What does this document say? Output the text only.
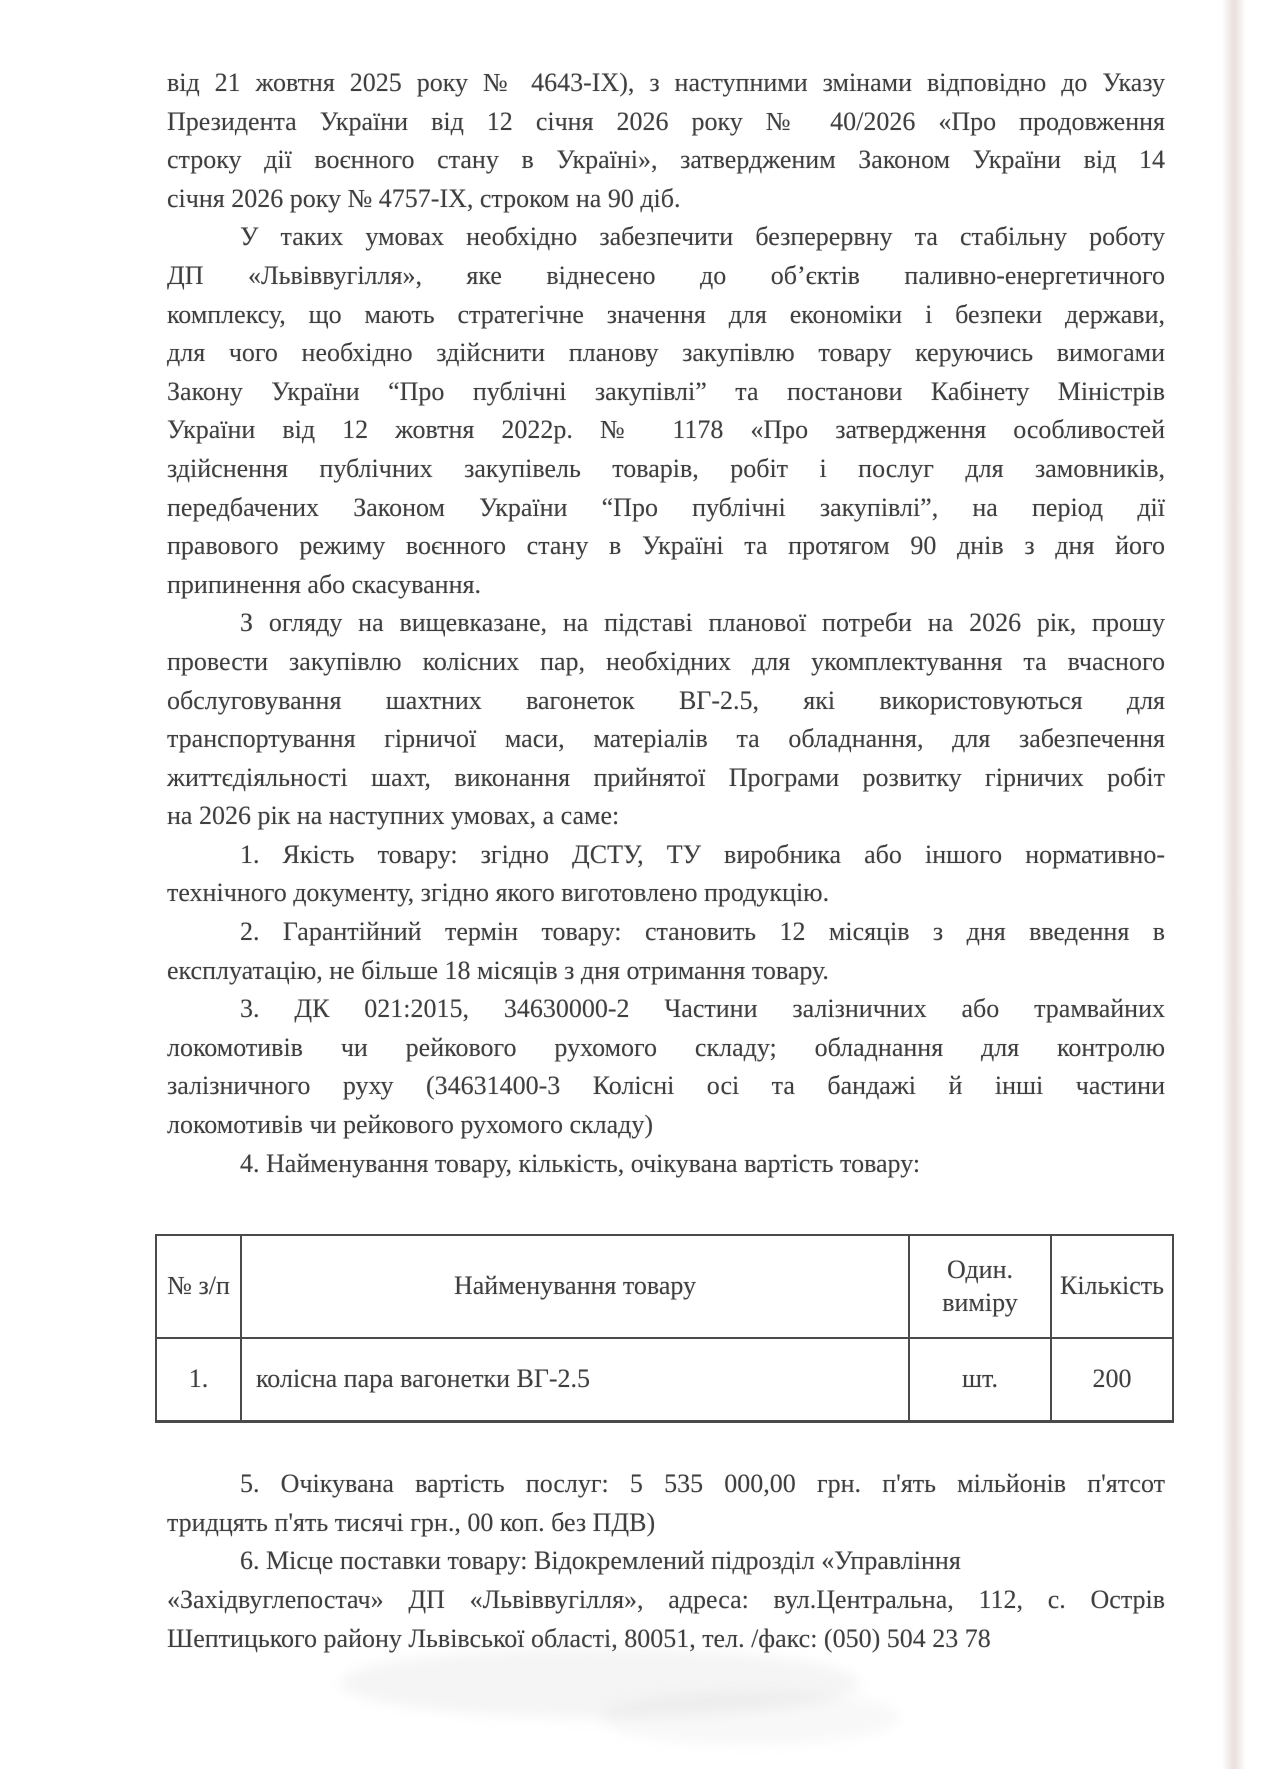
від 21 жовтня 2025 року № 4643-IX), з наступними змінами відповідно до Указу
Президента України від 12 січня 2026 року № 40/2026 «Про продовження
строку дії воєнного стану в Україні», затвердженим Законом України від 14
січня 2026 року № 4757-IX, строком на 90 діб.
У таких умовах необхідно забезпечити безперервну та стабільну роботу
ДП «Львіввугілля», яке віднесено до об’єктів паливно-енергетичного
комплексу, що мають стратегічне значення для економіки і безпеки держави,
для чого необхідно здійснити планову закупівлю товару керуючись вимогами
Закону України “Про публічні закупівлі” та постанови Кабінету Міністрів
України від 12 жовтня 2022р. № 1178 «Про затвердження особливостей
здійснення публічних закупівель товарів, робіт і послуг для замовників,
передбачених Законом України “Про публічні закупівлі”, на період дії
правового режиму воєнного стану в Україні та протягом 90 днів з дня його
припинення або скасування.
З огляду на вищевказане, на підставі планової потреби на 2026 рік, прошу
провести закупівлю колісних пар, необхідних для укомплектування та вчасного
обслуговування шахтних вагонеток ВГ-2.5, які використовуються для
транспортування гірничої маси, матеріалів та обладнання, для забезпечення
життєдіяльності шахт, виконання прийнятої Програми розвитку гірничих робіт
на 2026 рік на наступних умовах, а саме:
1. Якість товару: згідно ДСТУ, ТУ виробника або іншого нормативно-
технічного документу, згідно якого виготовлено продукцію.
2. Гарантійний термін товару: становить 12 місяців з дня введення в
експлуатацію, не більше 18 місяців з дня отримання товару.
3. ДК 021:2015, 34630000-2 Частини залізничних або трамвайних
локомотивів чи рейкового рухомого складу; обладнання для контролю
залізничного руху (34631400-3 Колісні осі та бандажі й інші частини
локомотивів чи рейкового рухомого складу)
4. Найменування товару, кількість, очікувана вартість товару:
№ з/п	Найменування товару	Один. виміру	Кількість
1.	колісна пара вагонетки ВГ-2.5	шт.	200
5. Очікувана вартість послуг: 5 535 000,00 грн. п'ять мільйонів п'ятсот
тридцять п'ять тисячі грн., 00 коп. без ПДВ)
6. Місце поставки товару: Відокремлений підрозділ «Управління
«Західвуглепостач» ДП «Львіввугілля», адреса: вул.Центральна, 112, с. Острів
Шептицького району Львівської області, 80051, тел. /факс: (050) 504 23 78
